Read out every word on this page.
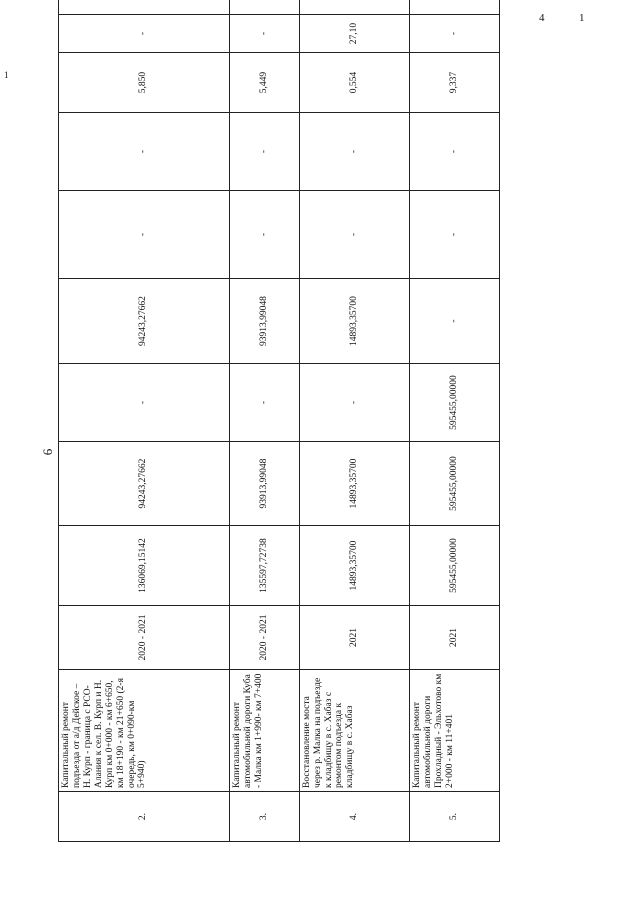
4	1
1
6
2.	Капитальный ремонт подъезда от а/д Дейское – Н. Курп - граница с РСО-Алания к сел. В. Курп и Н. Курп км 0+000 - км 6+650, км 18+190 - км 21+650 (2-я очередь, км 0+090-км 5+940)	2020 - 2021	136069,15142	94243,27662	-	94243,27662	-	-	5,850	-	
3.	Капитальный ремонт автомобильной дороги Куба - Малка км 1+990- км 7+400	2020 - 2021	135597,72738	93913,99048	-	93913,99048	-	-	5,449	-	
4.	Восстановление моста через р. Малка на подъезде к кладбищу в с. Хабаз с ремонтом подъезда к кладбищу в с. Хабаз	2021	14893,35700	14893,35700	-	14893,35700	-	-	0,554	27,10	
5.	Капитальный ремонт автомобильной дороги Прохладный - Эльхотово км 2+000 - км 11+401	2021	595455,00000	595455,00000	595455,00000	-	-	-	9,337	-	
